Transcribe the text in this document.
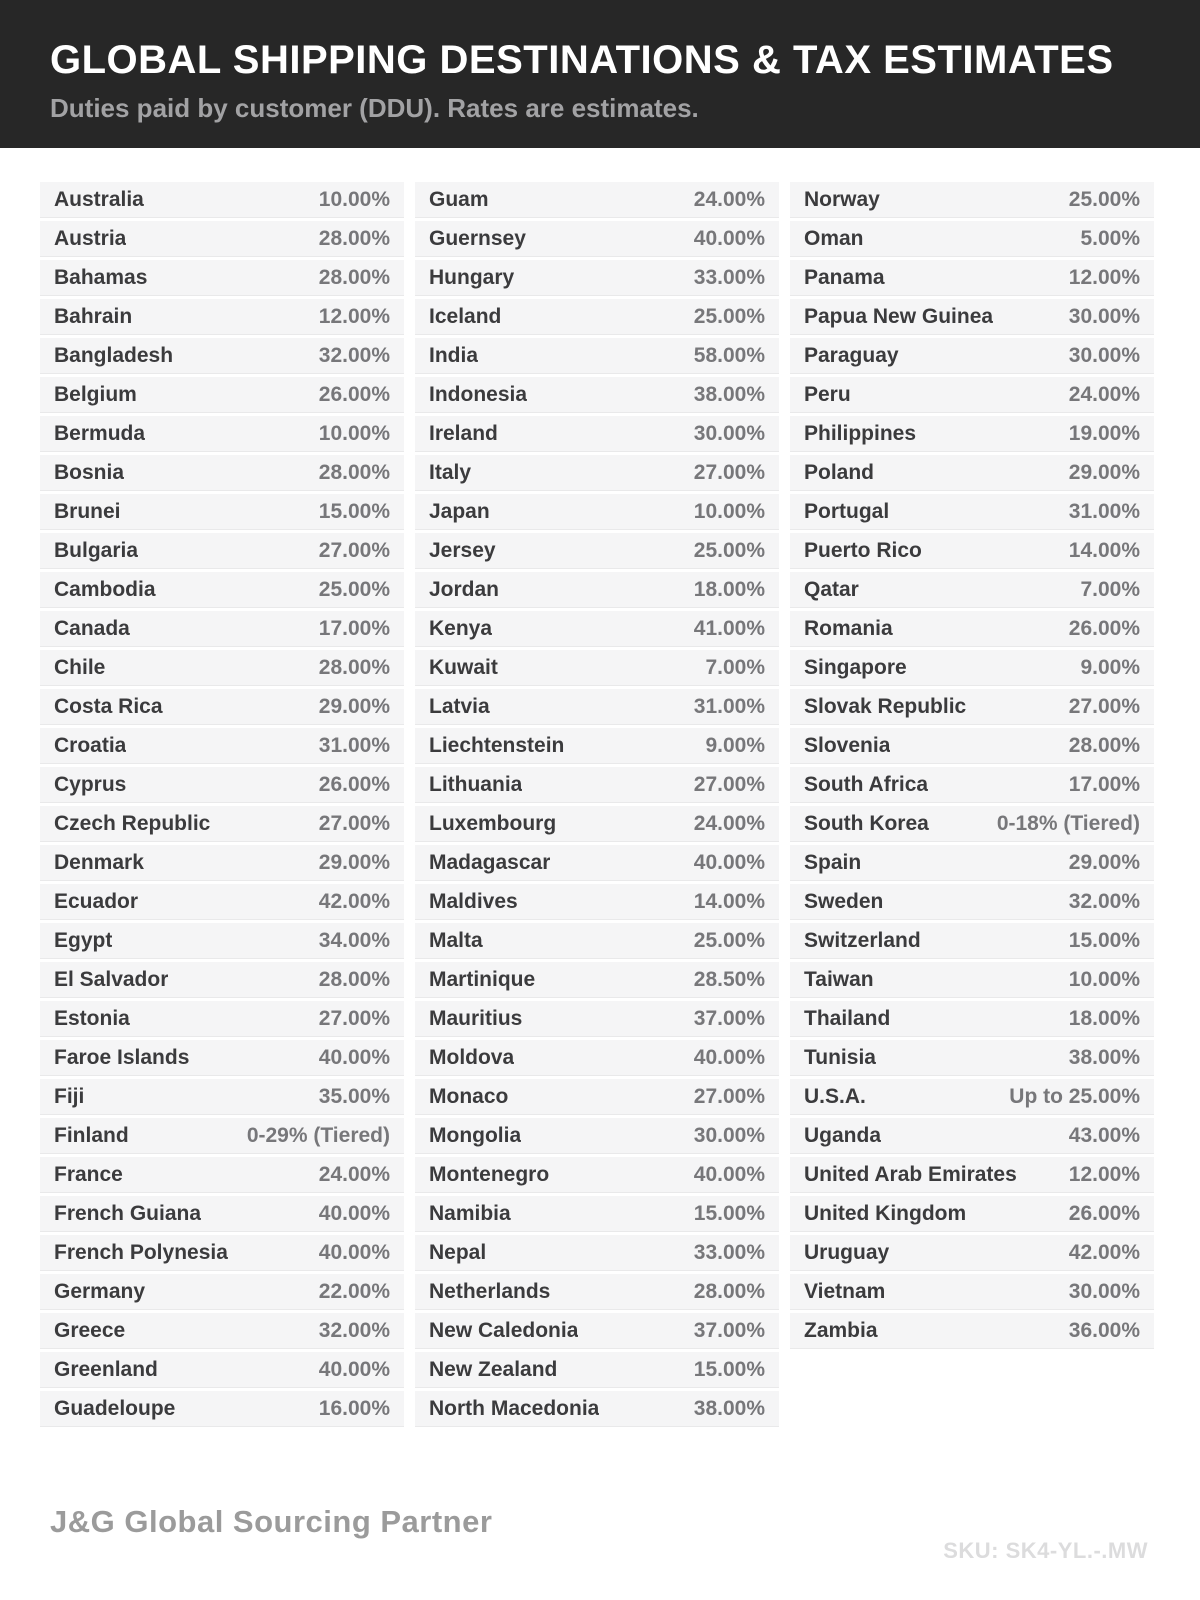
GLOBAL SHIPPING DESTINATIONS & TAX ESTIMATES
Duties paid by customer (DDU). Rates are estimates.
Australia	10.00%
Austria	28.00%
Bahamas	28.00%
Bahrain	12.00%
Bangladesh	32.00%
Belgium	26.00%
Bermuda	10.00%
Bosnia	28.00%
Brunei	15.00%
Bulgaria	27.00%
Cambodia	25.00%
Canada	17.00%
Chile	28.00%
Costa Rica	29.00%
Croatia	31.00%
Cyprus	26.00%
Czech Republic	27.00%
Denmark	29.00%
Ecuador	42.00%
Egypt	34.00%
El Salvador	28.00%
Estonia	27.00%
Faroe Islands	40.00%
Fiji	35.00%
Finland	0-29% (Tiered)
France	24.00%
French Guiana	40.00%
French Polynesia	40.00%
Germany	22.00%
Greece	32.00%
Greenland	40.00%
Guadeloupe	16.00%
Guam	24.00%
Guernsey	40.00%
Hungary	33.00%
Iceland	25.00%
India	58.00%
Indonesia	38.00%
Ireland	30.00%
Italy	27.00%
Japan	10.00%
Jersey	25.00%
Jordan	18.00%
Kenya	41.00%
Kuwait	7.00%
Latvia	31.00%
Liechtenstein	9.00%
Lithuania	27.00%
Luxembourg	24.00%
Madagascar	40.00%
Maldives	14.00%
Malta	25.00%
Martinique	28.50%
Mauritius	37.00%
Moldova	40.00%
Monaco	27.00%
Mongolia	30.00%
Montenegro	40.00%
Namibia	15.00%
Nepal	33.00%
Netherlands	28.00%
New Caledonia	37.00%
New Zealand	15.00%
North Macedonia	38.00%
Norway	25.00%
Oman	5.00%
Panama	12.00%
Papua New Guinea	30.00%
Paraguay	30.00%
Peru	24.00%
Philippines	19.00%
Poland	29.00%
Portugal	31.00%
Puerto Rico	14.00%
Qatar	7.00%
Romania	26.00%
Singapore	9.00%
Slovak Republic	27.00%
Slovenia	28.00%
South Africa	17.00%
South Korea	0-18% (Tiered)
Spain	29.00%
Sweden	32.00%
Switzerland	15.00%
Taiwan	10.00%
Thailand	18.00%
Tunisia	38.00%
U.S.A.	Up to 25.00%
Uganda	43.00%
United Arab Emirates 12.00%
United Kingdom	26.00%
Uruguay	42.00%
Vietnam	30.00%
Zambia	36.00%
J&G Global Sourcing Partner
SKU: SK4-YL.-.MW
